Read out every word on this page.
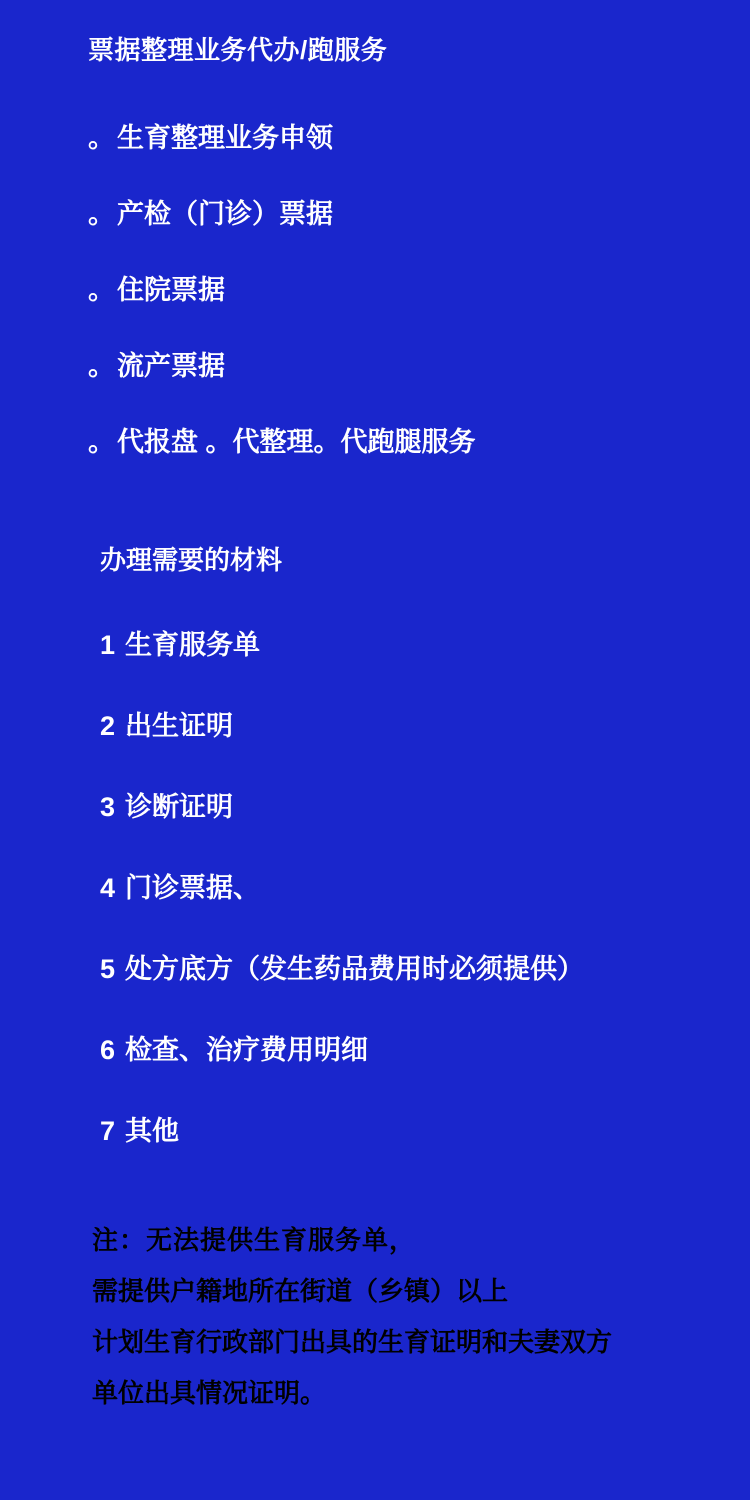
票据整理业务代办/跑服务
。 生育整理业务申领
。 产检（门诊）票据
。 住院票据
。 流产票据
。 代报盘 。代整理。代跑腿服务
办理需要的材料
1 生育服务单
2 出生证明
3 诊断证明
4 门诊票据、
5 处方底方（发生药品费用时必须提供）
6 检查、治疗费用明细
7 其他
注：无法提供生育服务单，
需提供户籍地所在街道（乡镇）以上
计划生育行政部门出具的生育证明和夫妻双方
单位出具情况证明。
